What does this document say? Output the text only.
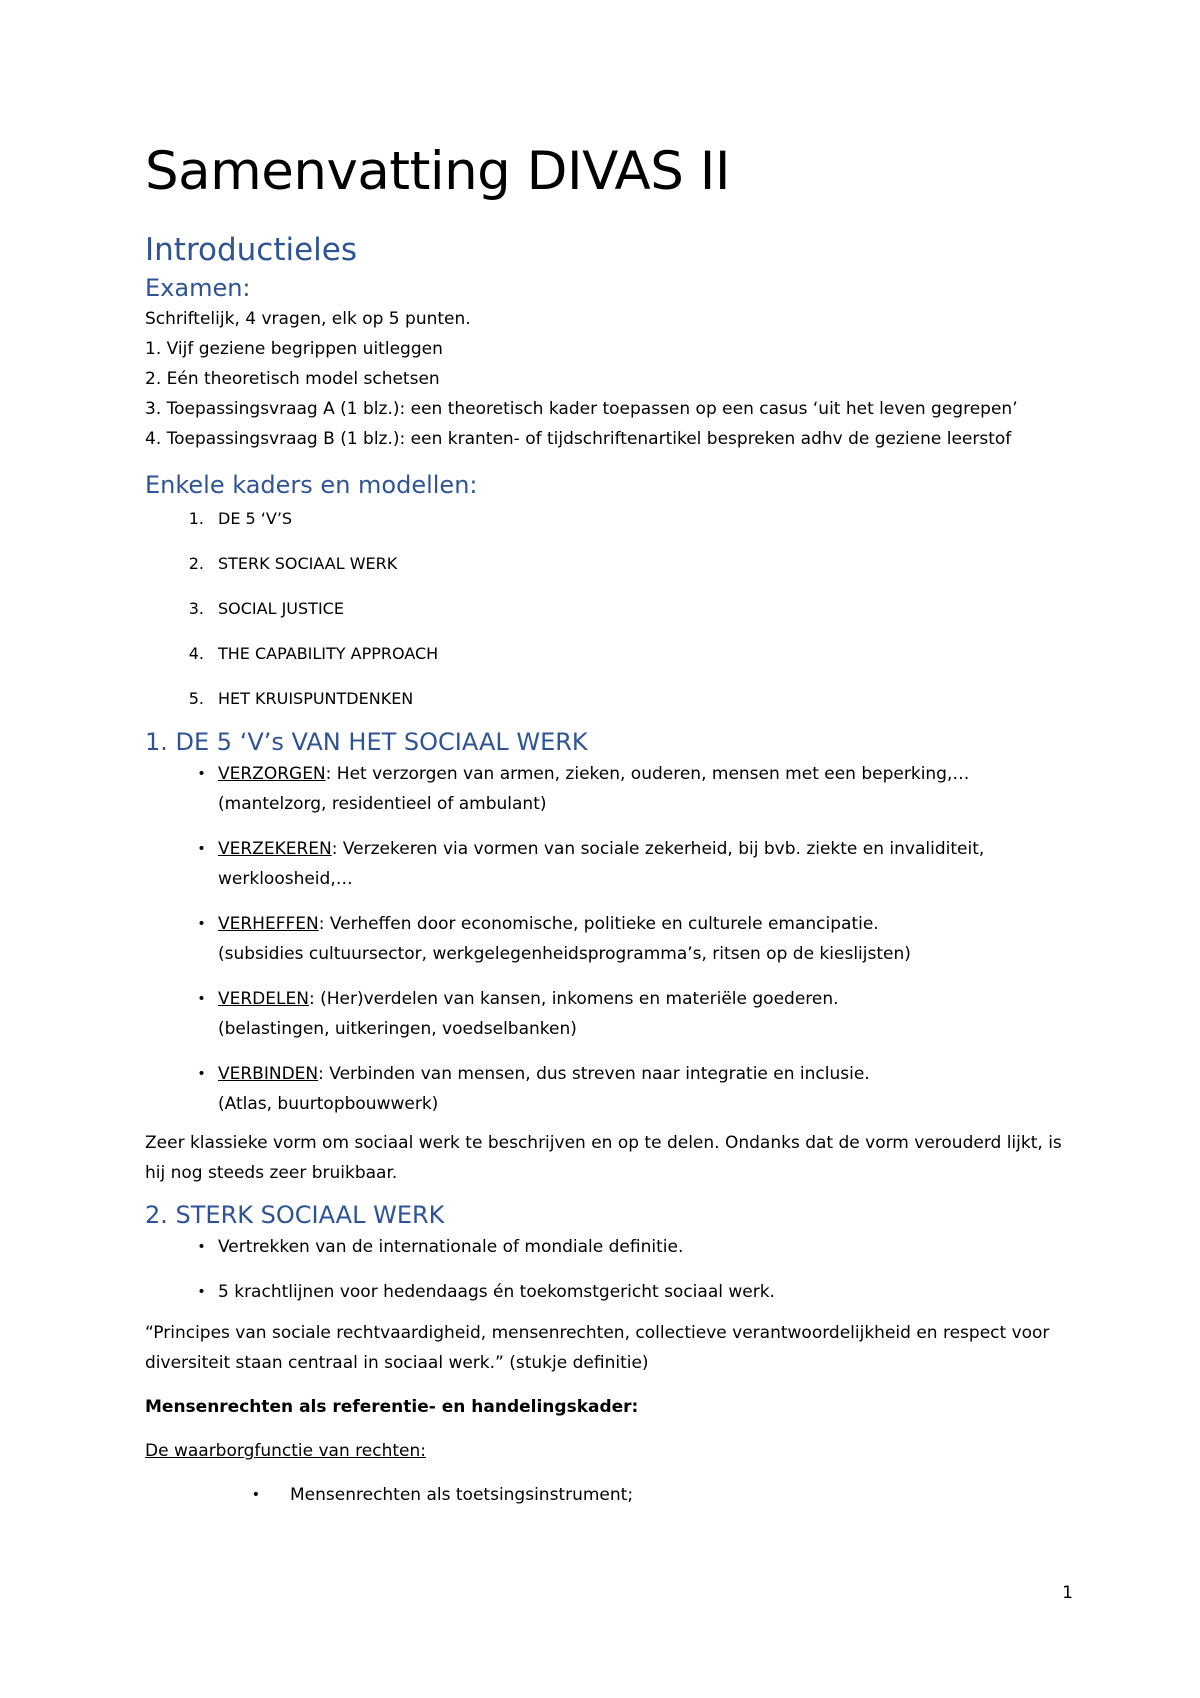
Samenvatting DIVAS II
Introductieles
Examen:

Schriftelijk, 4 vragen, elk op 5 punten.

1. Vijf geziene begrippen uitleggen

2. Eén theoretisch model schetsen

3. Toepassingsvraag A (1 blz.): een theoretisch kader toepassen op een casus ‘uit het leven gegrepen’

4. Toepassingsvraag B (1 blz.): een kranten- of tijdschriftenartikel bespreken adhv de geziene leerstof

Enkele kaders en modellen:
1. DE 5 ‘V’S
2. STERK SOCIAAL WERK
3. SOCIAL JUSTICE
4. THE CAPABILITY APPROACH
5. HET KRUISPUNTDENKEN
1. DE 5 ‘V’s VAN HET SOCIAAL WERK
• VERZORGEN: Het verzorgen van armen, zieken, ouderen, mensen met een beperking,…
(mantelzorg, residentieel of ambulant)
• VERZEKEREN: Verzekeren via vormen van sociale zekerheid, bij bvb. ziekte en invaliditeit, werkloosheid,…
• VERHEFFEN: Verheffen door economische, politieke en culturele emancipatie.
(subsidies cultuursector, werkgelegenheidsprogramma’s, ritsen op de kieslijsten)
• VERDELEN: (Her)verdelen van kansen, inkomens en materiële goederen.
(belastingen, uitkeringen, voedselbanken)
• VERBINDEN: Verbinden van mensen, dus streven naar integratie en inclusie.
(Atlas, buurtopbouwwerk)

Zeer klassieke vorm om sociaal werk te beschrijven en op te delen. Ondanks dat de vorm verouderd lijkt, is hij nog steeds zeer bruikbaar.

2. STERK SOCIAAL WERK
• Vertrekken van de internationale of mondiale definitie.
• 5 krachtlijnen voor hedendaags én toekomstgericht sociaal werk.

“Principes van sociale rechtvaardigheid, mensenrechten, collectieve verantwoordelijkheid en respect voor diversiteit staan centraal in sociaal werk.” (stukje definitie)

Mensenrechten als referentie- en handelingskader:

De waarborgfunctie van rechten:

•	Mensenrechten als toetsingsinstrument;
1
